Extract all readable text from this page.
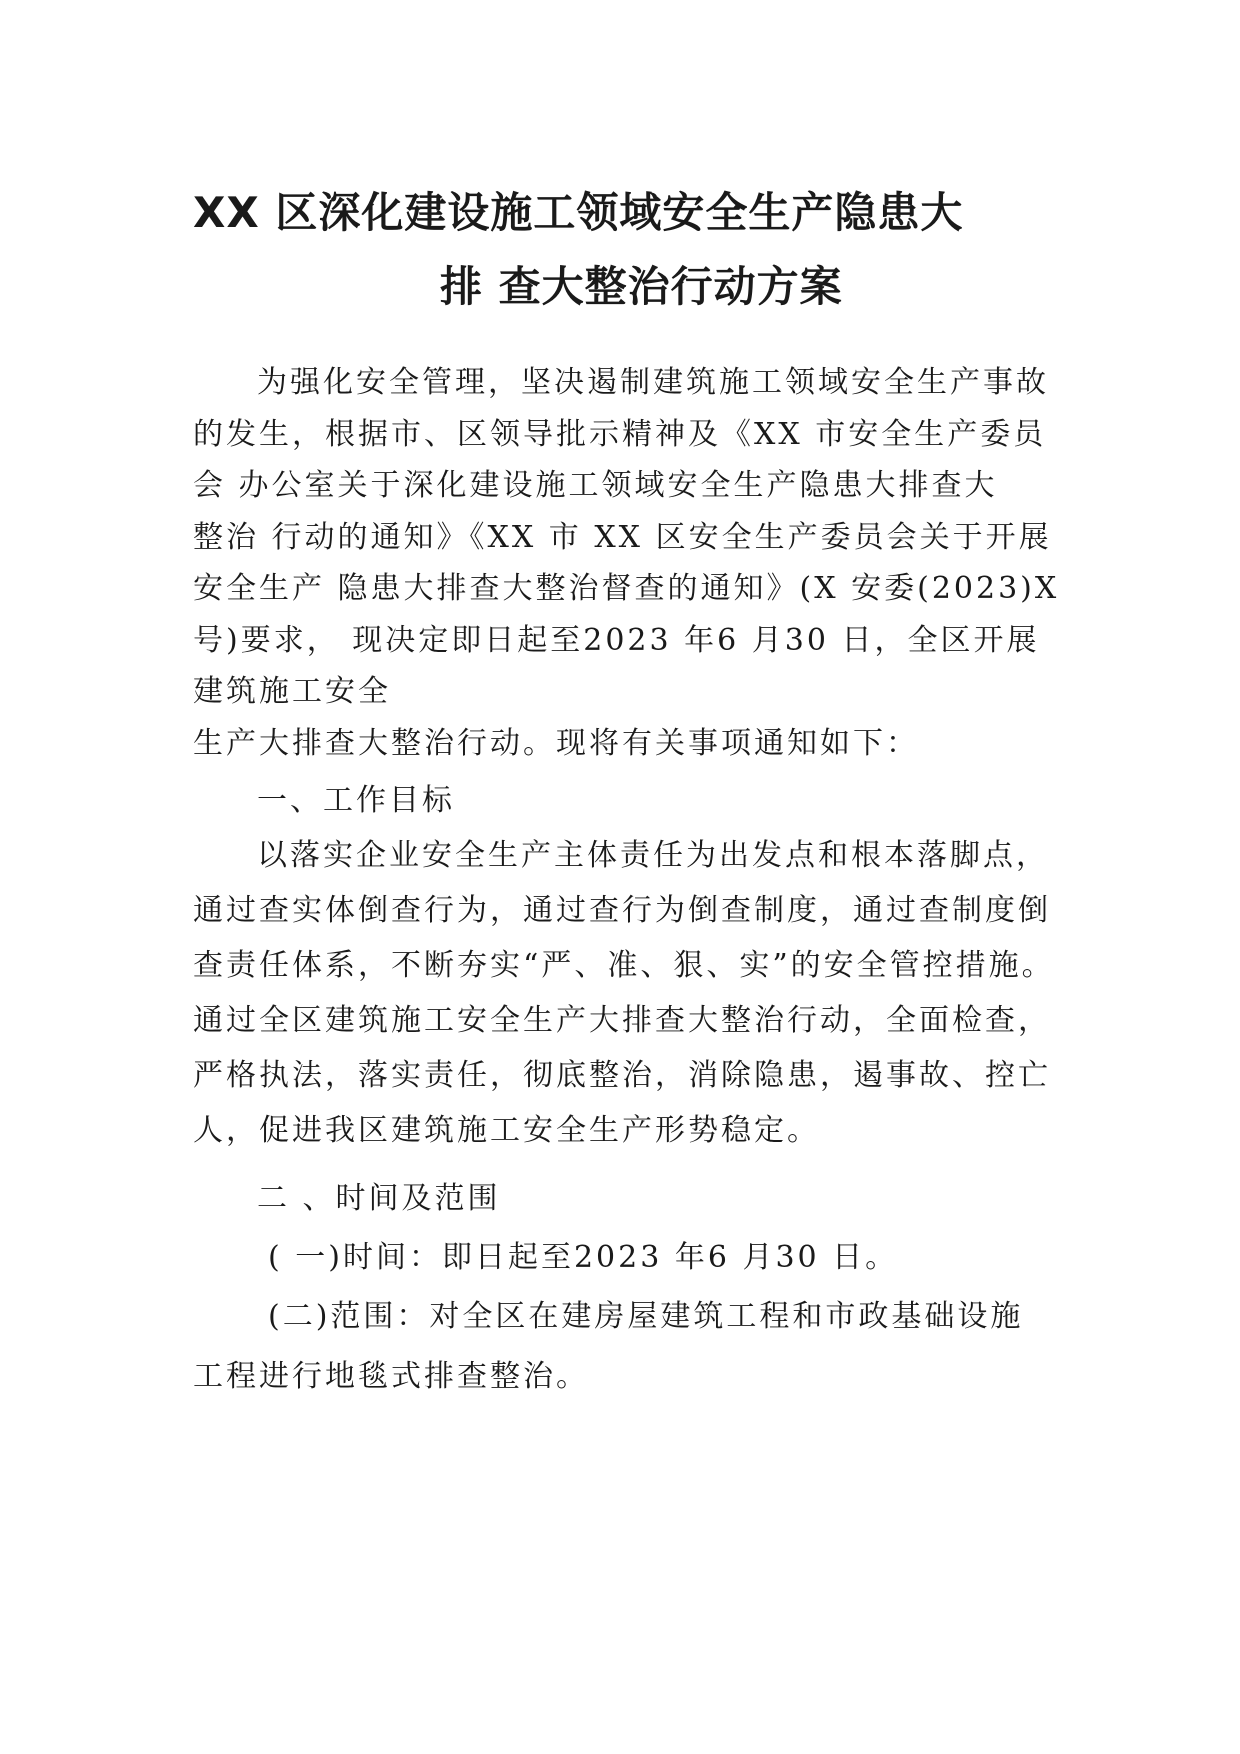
XX 区深化建设施工领域安全生产隐患大
排 查大整治行动方案
为强化安全管理，坚决遏制建筑施工领域安全生产事故
的发生，根据市、区领导批示精神及《XX 市安全生产委员
会 办公室关于深化建设施工领域安全生产隐患大排查大
整治 行动的通知》《XX 市 XX 区安全生产委员会关于开展
安全生产 隐患大排查大整治督查的通知》(X 安委(2023)X
号)要求， 现决定即日起至2023 年6 月30 日，全区开展
建筑施工安全
生产大排查大整治行动。现将有关事项通知如下：
一、工作目标
以落实企业安全生产主体责任为出发点和根本落脚点，
通过查实体倒查行为，通过查行为倒查制度，通过查制度倒
查责任体系，不断夯实“严、准、狠、实”的安全管控措施。
通过全区建筑施工安全生产大排查大整治行动，全面检查，
严格执法，落实责任，彻底整治，消除隐患，遏事故、控亡
人，促进我区建筑施工安全生产形势稳定。
二 、时间及范围
( 一)时间：即日起至2023 年6 月30 日。
(二)范围：对全区在建房屋建筑工程和市政基础设施
工程进行地毯式排查整治。
